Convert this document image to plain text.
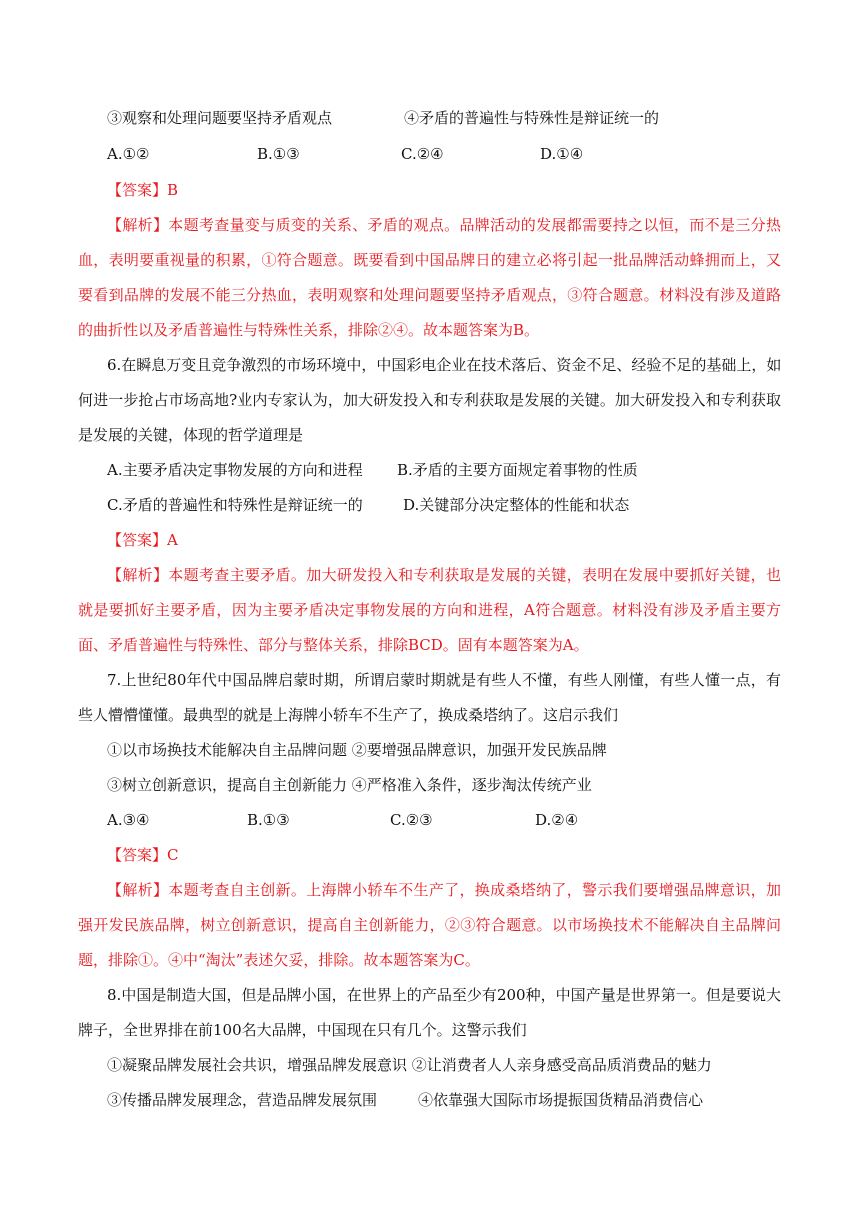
③观察和处理问题要坚持矛盾观点	④矛盾的普遍性与特殊性是辩证统一的
A.①②	B.①③	C.②④	D.①④
【答案】B
【解析】本题考查量变与质变的关系、矛盾的观点。品牌活动的发展都需要持之以恒，而不是三分热
血，表明要重视量的积累，①符合题意。既要看到中国品牌日的建立必将引起一批品牌活动蜂拥而上，又
要看到品牌的发展不能三分热血，表明观察和处理问题要坚持矛盾观点，③符合题意。材料没有涉及道路
的曲折性以及矛盾普遍性与特殊性关系，排除②④。故本题答案为B。
6.在瞬息万变且竞争激烈的市场环境中，中国彩电企业在技术落后、资金不足、经验不足的基础上，如
何进一步抢占市场高地?业内专家认为，加大研发投入和专利获取是发展的关键。加大研发投入和专利获取
是发展的关键，体现的哲学道理是
A.主要矛盾决定事物发展的方向和进程 B.矛盾的主要方面规定着事物的性质
C.矛盾的普遍性和特殊性是辩证统一的	D.关键部分决定整体的性能和状态
【答案】A
【解析】本题考查主要矛盾。加大研发投入和专利获取是发展的关键，表明在发展中要抓好关键，也
就是要抓好主要矛盾，因为主要矛盾决定事物发展的方向和进程，A符合题意。材料没有涉及矛盾主要方
面、矛盾普遍性与特殊性、部分与整体关系，排除BCD。固有本题答案为A。
7.上世纪80年代中国品牌启蒙时期，所谓启蒙时期就是有些人不懂，有些人刚懂，有些人懂一点，有
些人懵懵懂懂。最典型的就是上海牌小轿车不生产了，换成桑塔纳了。这启示我们
①以市场换技术能解决自主品牌问题 ②要增强品牌意识，加强开发民族品牌
③树立创新意识，提高自主创新能力 ④严格准入条件，逐步淘汰传统产业
A.③④	B.①③	C.②③	D.②④
【答案】C
【解析】本题考查自主创新。上海牌小轿车不生产了，换成桑塔纳了，警示我们要增强品牌意识，加
强开发民族品牌，树立创新意识，提高自主创新能力，②③符合题意。以市场换技术不能解决自主品牌问
题，排除①。④中“淘汰”表述欠妥，排除。故本题答案为C。
8.中国是制造大国，但是品牌小国，在世界上的产品至少有200种，中国产量是世界第一。但是要说大
牌子，全世界排在前100名大品牌，中国现在只有几个。这警示我们
①凝聚品牌发展社会共识，增强品牌发展意识 ②让消费者人人亲身感受高品质消费品的魅力
③传播品牌发展理念，营造品牌发展氛围	④依靠强大国际市场提振国货精品消费信心
